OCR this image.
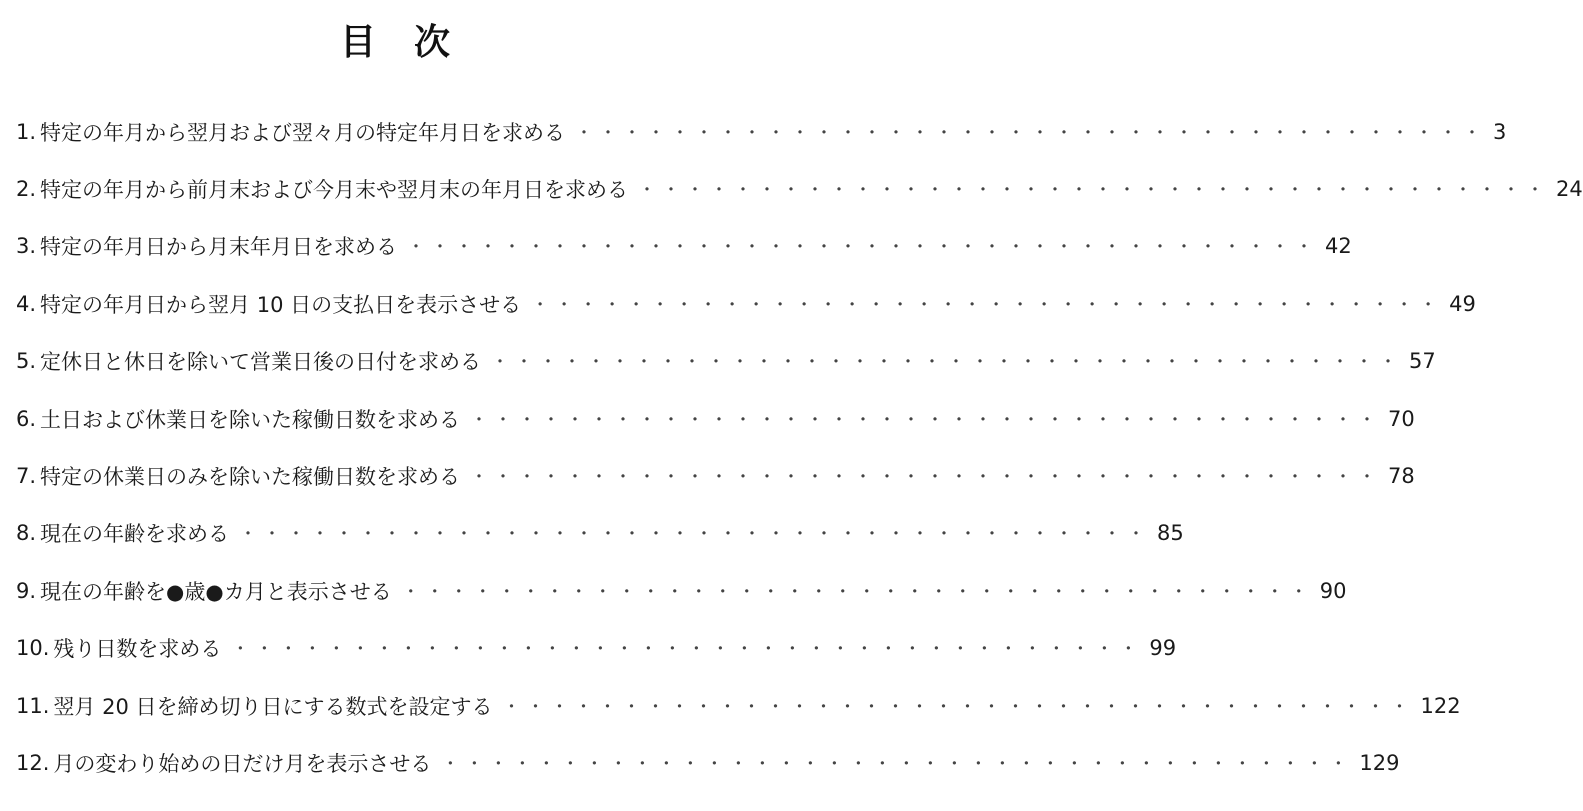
目 次
1. 特定の年月から翌月および翌々月の特定年月日を求める ・・・・・・・・・・・・・・・・・・・・・・・・・・・・・・・・・・・・・・ 3
2. 特定の年月から前月末および今月末や翌月末の年月日を求める ・・・・・・・・・・・・・・・・・・・・・・・・・・・・・・・・・・・・・・ 24
3. 特定の年月日から月末年月日を求める ・・・・・・・・・・・・・・・・・・・・・・・・・・・・・・・・・・・・・・ 42
4. 特定の年月日から翌月 10 日の支払日を表示させる ・・・・・・・・・・・・・・・・・・・・・・・・・・・・・・・・・・・・・・ 49
5. 定休日と休日を除いて営業日後の日付を求める ・・・・・・・・・・・・・・・・・・・・・・・・・・・・・・・・・・・・・・ 57
6. 土日および休業日を除いた稼働日数を求める ・・・・・・・・・・・・・・・・・・・・・・・・・・・・・・・・・・・・・・ 70
7. 特定の休業日のみを除いた稼働日数を求める ・・・・・・・・・・・・・・・・・・・・・・・・・・・・・・・・・・・・・・ 78
8. 現在の年齢を求める ・・・・・・・・・・・・・・・・・・・・・・・・・・・・・・・・・・・・・・ 85
9. 現在の年齢を●歳●カ月と表示させる ・・・・・・・・・・・・・・・・・・・・・・・・・・・・・・・・・・・・・・ 90
10. 残り日数を求める ・・・・・・・・・・・・・・・・・・・・・・・・・・・・・・・・・・・・・・ 99
11. 翌月 20 日を締め切り日にする数式を設定する ・・・・・・・・・・・・・・・・・・・・・・・・・・・・・・・・・・・・・・ 122
12. 月の変わり始めの日だけ月を表示させる ・・・・・・・・・・・・・・・・・・・・・・・・・・・・・・・・・・・・・・ 129
